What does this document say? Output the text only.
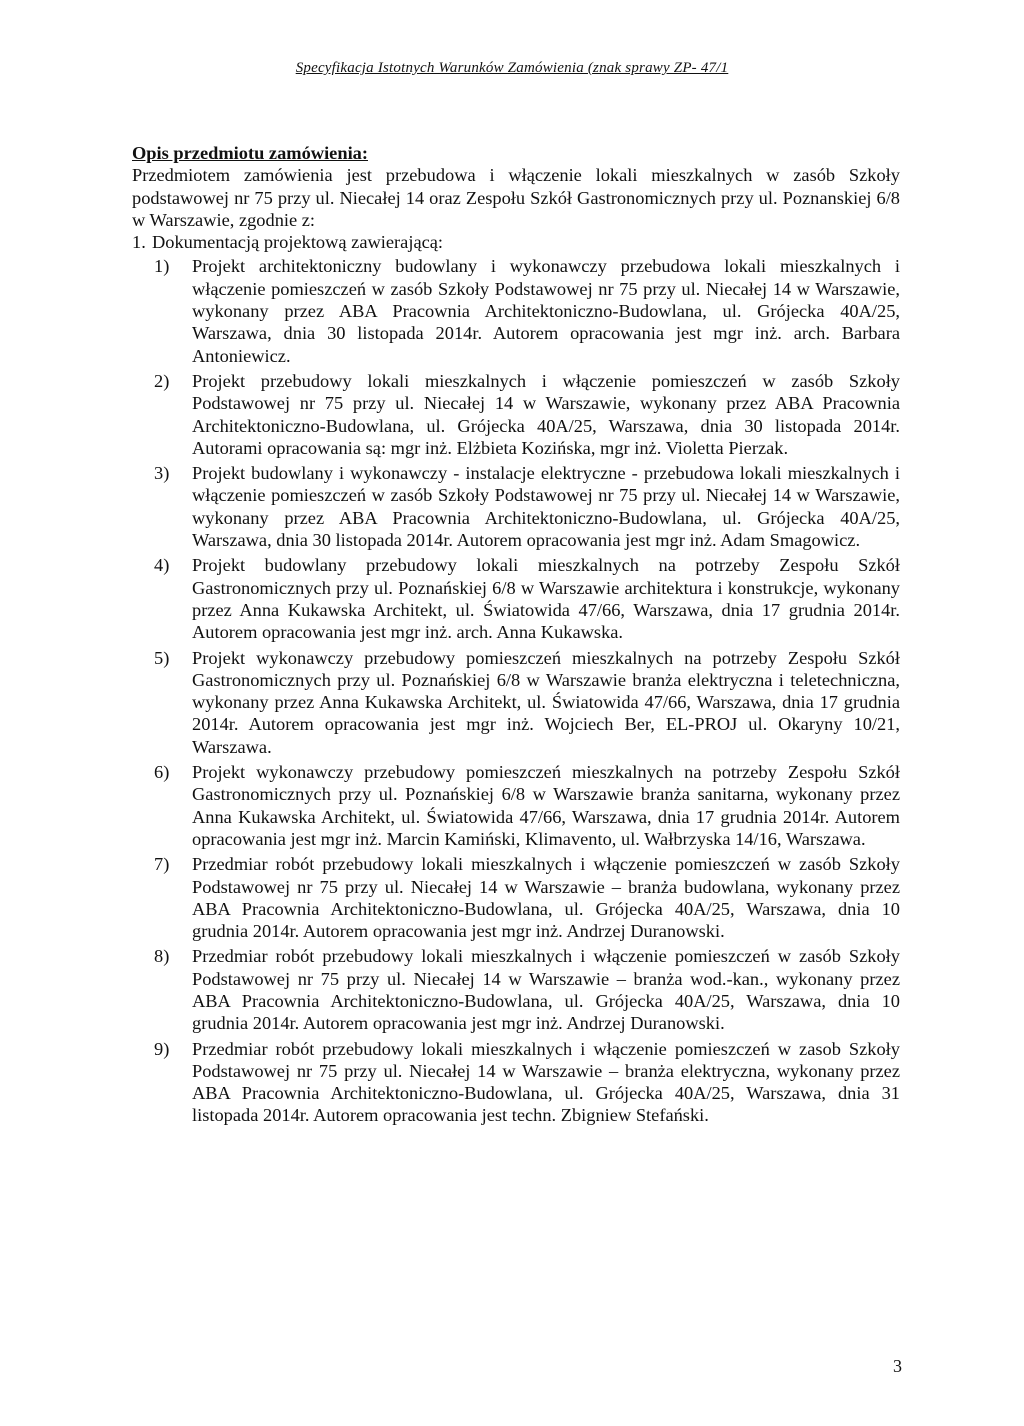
Specyfikacja Istotnych Warunków Zamówienia (znak sprawy ZP- 47/1

Opis przedmiotu zamówienia:

Przedmiotem zamówienia jest przebudowa i włączenie lokali mieszkalnych w zasób Szkoły podstawowej nr 75 przy ul. Niecałej 14 oraz Zespołu Szkół Gastronomicznych przy ul. Poznanskiej 6/8 w Warszawie, zgodnie z:

1. Dokumentacją projektową zawierającą:

1) Projekt architektoniczny budowlany i wykonawczy przebudowa lokali mieszkalnych i włączenie pomieszczeń w zasób Szkoły Podstawowej nr 75 przy ul. Niecałej 14 w Warszawie, wykonany przez ABA Pracownia Architektoniczno-Budowlana, ul. Grójecka 40A/25, Warszawa, dnia 30 listopada 2014r. Autorem opracowania jest mgr inż. arch. Barbara Antoniewicz.
2) Projekt przebudowy lokali mieszkalnych i włączenie pomieszczeń w zasób Szkoły Podstawowej nr 75 przy ul. Niecałej 14 w Warszawie, wykonany przez ABA Pracownia Architektoniczno-Budowlana, ul. Grójecka 40A/25, Warszawa, dnia 30 listopada 2014r. Autorami opracowania są: mgr inż. Elżbieta Kozińska, mgr inż. Violetta Pierzak.
3) Projekt budowlany i wykonawczy - instalacje elektryczne - przebudowa lokali mieszkalnych i włączenie pomieszczeń w zasób Szkoły Podstawowej nr 75 przy ul. Niecałej 14 w Warszawie, wykonany przez ABA Pracownia Architektoniczno-Budowlana, ul. Grójecka 40A/25, Warszawa, dnia 30 listopada 2014r. Autorem opracowania jest mgr inż. Adam Smagowicz.
4) Projekt budowlany przebudowy lokali mieszkalnych na potrzeby Zespołu Szkół Gastronomicznych przy ul. Poznańskiej 6/8 w Warszawie architektura i konstrukcje, wykonany przez Anna Kukawska Architekt, ul. Światowida 47/66, Warszawa, dnia 17 grudnia 2014r. Autorem opracowania jest mgr inż. arch. Anna Kukawska.
5) Projekt wykonawczy przebudowy pomieszczeń mieszkalnych na potrzeby Zespołu Szkół Gastronomicznych przy ul. Poznańskiej 6/8 w Warszawie branża elektryczna i teletechniczna, wykonany przez Anna Kukawska Architekt, ul. Światowida 47/66, Warszawa, dnia 17 grudnia 2014r. Autorem opracowania jest mgr inż. Wojciech Ber, EL-PROJ ul. Okaryny 10/21, Warszawa.
6) Projekt wykonawczy przebudowy pomieszczeń mieszkalnych na potrzeby Zespołu Szkół Gastronomicznych przy ul. Poznańskiej 6/8 w Warszawie branża sanitarna, wykonany przez Anna Kukawska Architekt, ul. Światowida 47/66, Warszawa, dnia 17 grudnia 2014r. Autorem opracowania jest mgr inż. Marcin Kamiński, Klimavento, ul. Wałbrzyska 14/16, Warszawa.
7) Przedmiar robót przebudowy lokali mieszkalnych i włączenie pomieszczeń w zasób Szkoły Podstawowej nr 75 przy ul. Niecałej 14 w Warszawie – branża budowlana, wykonany przez ABA Pracownia Architektoniczno-Budowlana, ul. Grójecka 40A/25, Warszawa, dnia 10 grudnia 2014r. Autorem opracowania jest mgr inż. Andrzej Duranowski.
8) Przedmiar robót przebudowy lokali mieszkalnych i włączenie pomieszczeń w zasób Szkoły Podstawowej nr 75 przy ul. Niecałej 14 w Warszawie – branża wod.-kan., wykonany przez ABA Pracownia Architektoniczno-Budowlana, ul. Grójecka 40A/25, Warszawa, dnia 10 grudnia 2014r. Autorem opracowania jest mgr inż. Andrzej Duranowski.
9) Przedmiar robót przebudowy lokali mieszkalnych i włączenie pomieszczeń w zasob Szkoły Podstawowej nr 75 przy ul. Niecałej 14 w Warszawie – branża elektryczna, wykonany przez ABA Pracownia Architektoniczno-Budowlana, ul. Grójecka 40A/25, Warszawa, dnia 31 listopada 2014r. Autorem opracowania jest techn. Zbigniew Stefański.
3
